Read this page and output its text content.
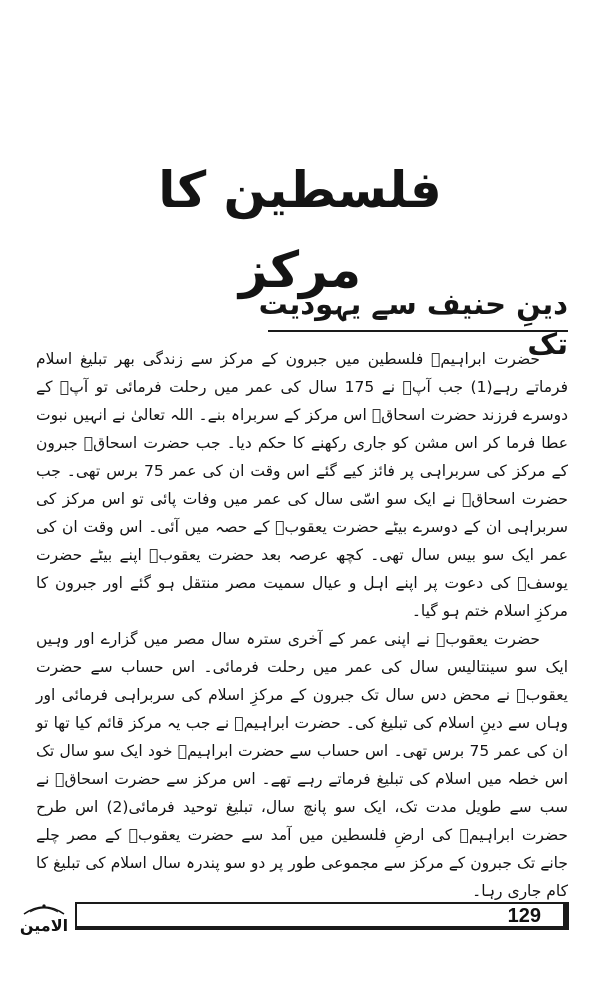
فلسطین کا مرکز
دینِ حنیف سے یہودیت تک

حضرت ابراہیمؑ فلسطین میں جبرون کے مرکز سے زندگی بھر تبلیغ اسلام فرماتے رہے(1) جب آپؑ نے 175 سال کی عمر میں رحلت فرمائی تو آپؑ کے دوسرے فرزند حضرت اسحاقؑ اس مرکز کے سربراہ بنے۔ اللہ تعالیٰ نے انہیں نبوت عطا فرما کر اس مشن کو جاری رکھنے کا حکم دیا۔ جب حضرت اسحاقؑ جبرون کے مرکز کی سربراہی پر فائز کیے گئے اس وقت ان کی عمر 75 برس تھی۔ جب حضرت اسحاقؑ نے ایک سو اسّی سال کی عمر میں وفات پائی تو اس مرکز کی سربراہی ان کے دوسرے بیٹے حضرت یعقوبؑ کے حصہ میں آئی۔ اس وقت ان کی عمر ایک سو بیس سال تھی۔ کچھ عرصہ بعد حضرت یعقوبؑ اپنے بیٹے حضرت یوسفؑ کی دعوت پر اپنے اہل و عیال سمیت مصر منتقل ہو گئے اور جبرون کا مرکزِ اسلام ختم ہو گیا۔

حضرت یعقوبؑ نے اپنی عمر کے آخری سترہ سال مصر میں گزارے اور وہیں ایک سو سینتالیس سال کی عمر میں رحلت فرمائی۔ اس حساب سے حضرت یعقوبؑ نے محض دس سال تک جبرون کے مرکزِ اسلام کی سربراہی فرمائی اور وہاں سے دینِ اسلام کی تبلیغ کی۔ حضرت ابراہیمؑ نے جب یہ مرکز قائم کیا تھا تو ان کی عمر 75 برس تھی۔ اس حساب سے حضرت ابراہیمؑ خود ایک سو سال تک اس خطہ میں اسلام کی تبلیغ فرماتے رہے تھے۔ اس مرکز سے حضرت اسحاقؑ نے سب سے طویل مدت تک، ایک سو پانچ سال، تبلیغ توحید فرمائی(2) اس طرح حضرت ابراہیمؑ کی ارضِ فلسطین میں آمد سے حضرت یعقوبؑ کے مصر چلے جانے تک جبرون کے مرکز سے مجموعی طور پر دو سو پندرہ سال اسلام کی تبلیغ کا کام جاری رہا۔

الامین	129
